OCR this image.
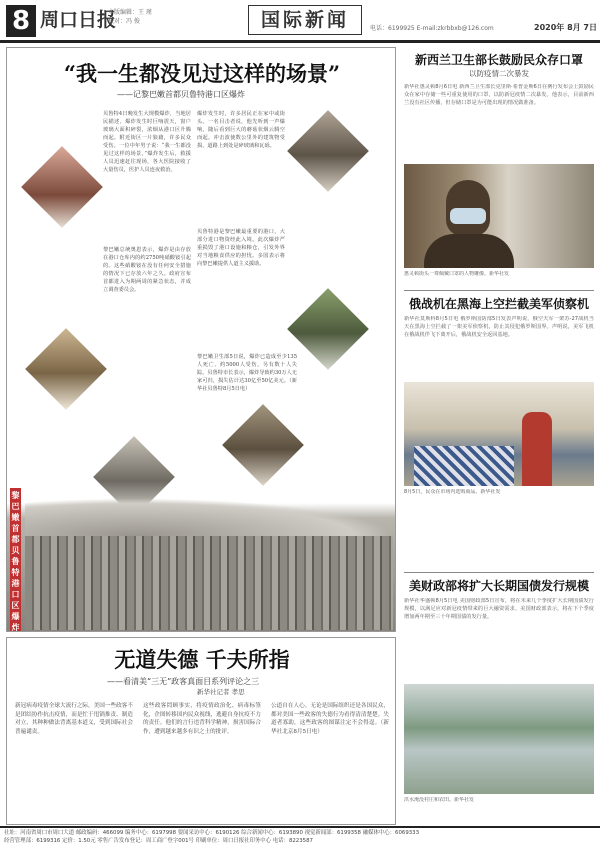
8 周口日报
本版编辑：王 瑾
校对：冯 俊	国际新闻	电话：6199925 E-mail:zkrbbxb@126.com	2020年 8月 7日
“我一生都没见过这样的场景”
——记黎巴嫩首都贝鲁特港口区爆炸
贝鲁特4日晚发生大规模爆炸，当地居民描述，爆炸发生时巨响震天，窗户玻璃大面积碎裂，浓烟从港口区升腾而起。附近街区一片狼藉，许多民众受伤。一位中年男子说：“我一生都没见过这样的场景。”爆炸发生后，救援人员迅速赶往现场，各大医院接收了大量伤员，医护人员连夜救治。
黎巴嫩总统奥恩表示，爆炸是由存放在港口仓库内的约2750吨硝酸铵引起的。这些硝酸铵在没有任何安全措施的情况下已存放六年之久。政府宣布首都进入为期两周的紧急状态，并成立调查委员会。
爆炸发生时，许多居民正在家中或街头。一名目击者说，他先听到一声爆响，随后看到巨大的蘑菇状烟云腾空而起。冲击波使数公里外的建筑物受损，道路上到处是碎玻璃和瓦砾。
贝鲁特港是黎巴嫩最重要的港口，大部分进口物资经此入境。此次爆炸严重损毁了港口设施和粮仓，引发外界对当地粮食供应的担忧。多国表示将向黎巴嫩提供人道主义援助。
黎巴嫩卫生部5日说，爆炸已造成至少135人死亡、约5000人受伤，另有数十人失踪。贝鲁特市长表示，爆炸导致约30万人无家可归，损失估计达30亿至50亿美元。（新华社贝鲁特8月5日电）
黎巴嫩首都贝鲁特港口区爆炸
无道失德 千夫所指
——看清美“三无”政客真面目系列评论之三
新华社记者 孝思
新冠病毒疫情全球大流行之际，美国一些政客不是团结协作抗击疫情，而是忙于甩锅推责、制造对立，其种种做法背离基本道义，受到国际社会普遍谴责。
这些政客罔顾事实，将疫情政治化、病毒标签化，企图转移国内民众视线，逃避自身抗疫不力的责任。他们的言行违背科学精神，损害国际合作，遭到越来越多有识之士的批评。
公道自在人心。无论是国际组织还是各国民众，都对美国一些政客的失德行为看得清清楚楚。失道者寡助，这些政客的图谋注定不会得逞。（新华社北京8月5日电）
新西兰卫生部长鼓励民众存口罩
以防疫情二次暴发
新华社惠灵顿8月6日电 新西兰卫生部长克里斯·希普金斯6日在例行发布会上鼓励民众在家中存储一些可重复使用的口罩，以防新冠疫情二次暴发。他表示，目前新西兰没有社区传播，但存储口罩是为可能出现的情况做准备。
惠灵顿街头一尊佩戴口罩的人物雕像。新华社发
俄战机在黑海上空拦截美军侦察机
新华社莫斯科8月5日电 俄罗斯国防部5日发表声明说，俄空天军一架苏-27战机当天在黑海上空拦截了一架美军侦察机，防止其侵犯俄罗斯国界。声明说，美军飞机在俄战机伴飞下离开后，俄战机安全返回基地。
8月5日，民众在市场内选购商品。新华社发
美财政部将扩大长期国债发行规模
新华社华盛顿8月5日电 美国财政部5日宣布，将在未来几个季度扩大长期国债发行规模，以满足应对新冠疫情带来的巨大融资需求。美国财政部表示，将在下个季度增加两年期至三十年期国债的发行量。
洪水淹没村庄和农田。新华社发
社址：河南省周口市周口大道 邮政编码：466099 编务中心：6197998 要闻采访中心：6190126 综合新闻中心：6193890 视觉新闻部：6199358 融媒体中心：6069333
经营管理部：6199316 定价：1.50元 零售广告发布登记：周工商广登字001号 印刷单位：周口日报社印务中心 电话：8223587
